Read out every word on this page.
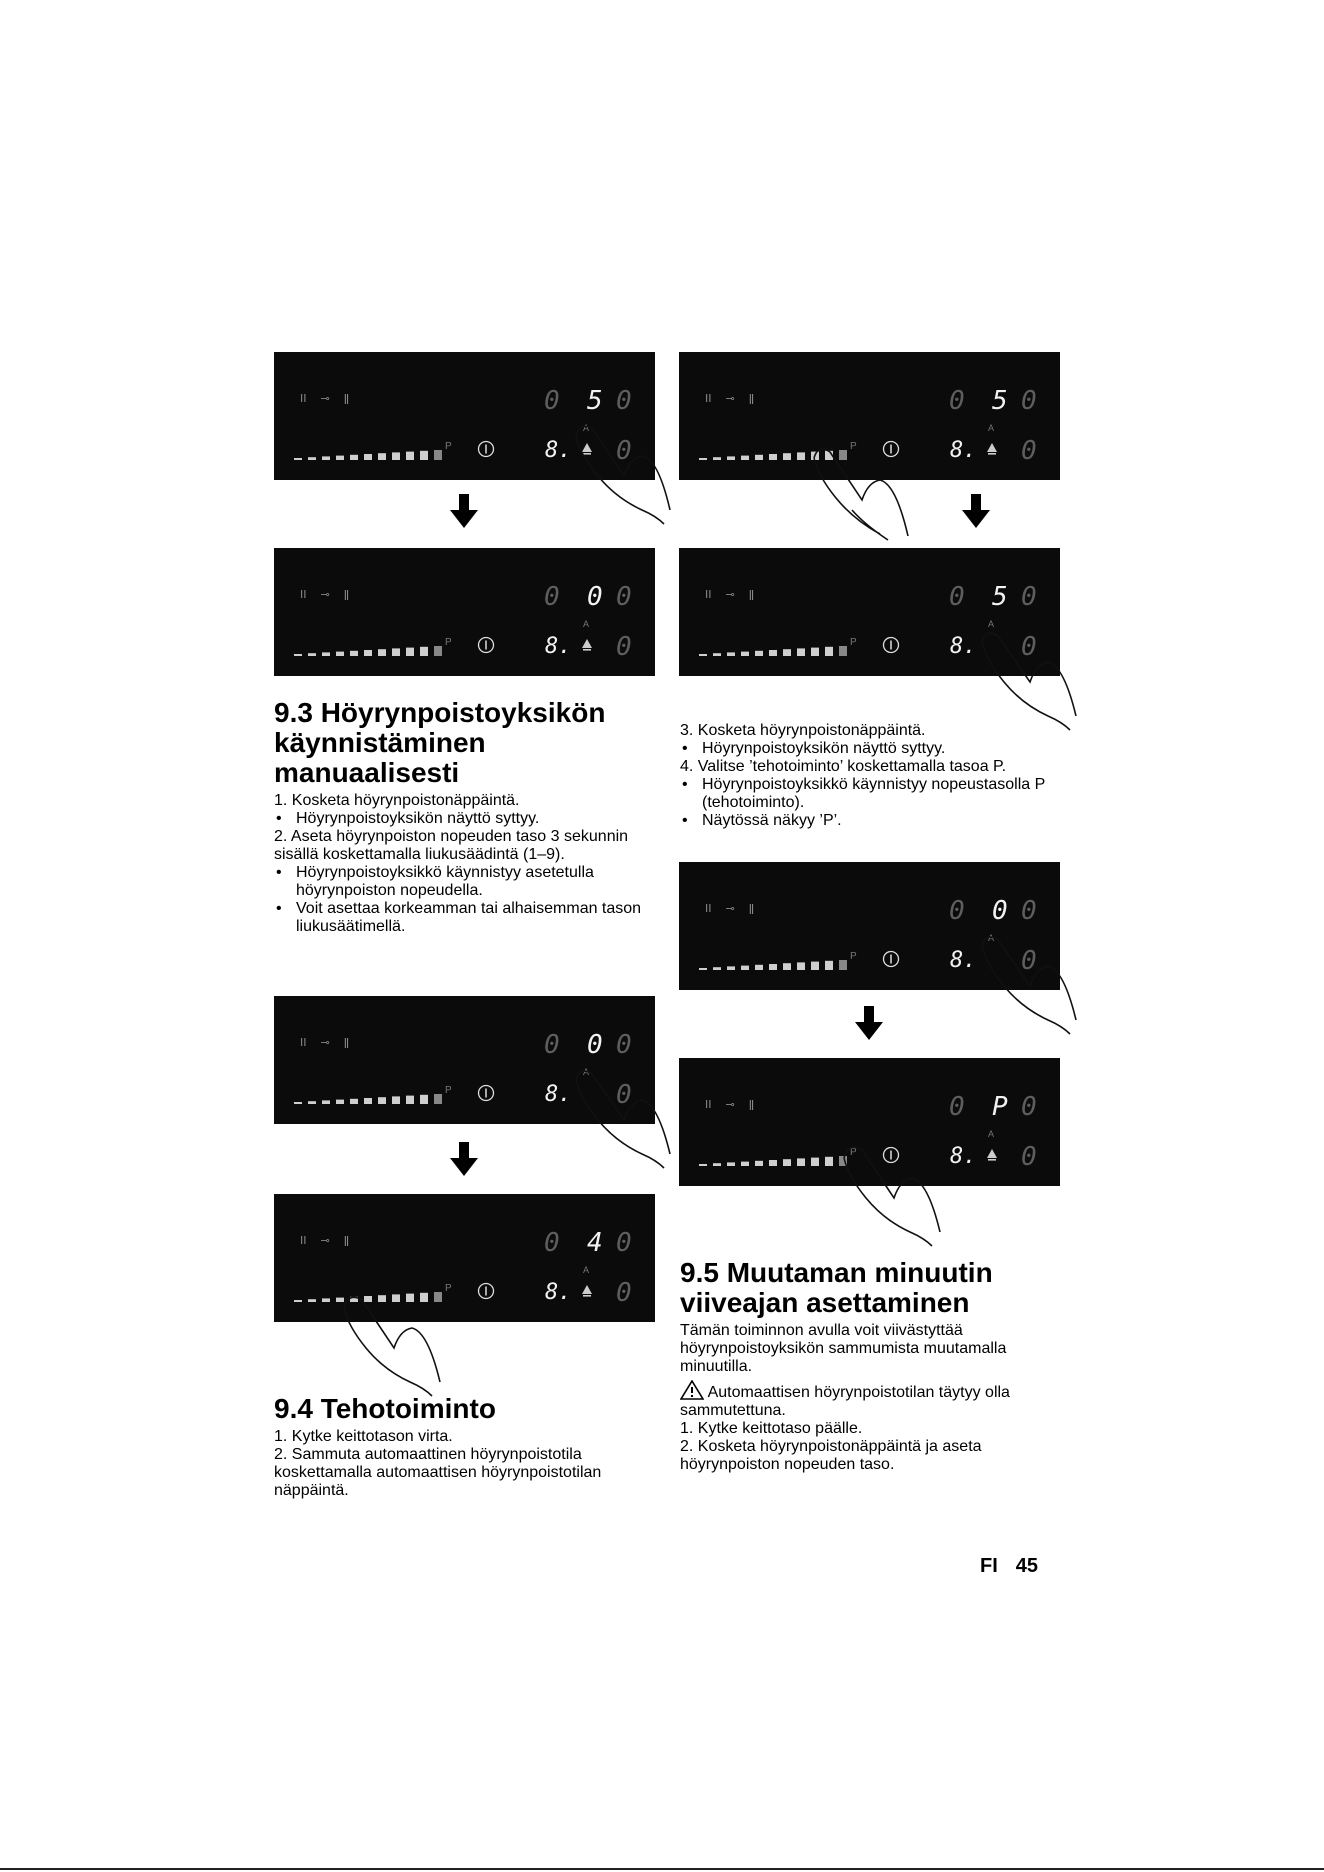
II ⊸ ǁ	0 5 0
A
P	8. 0
II ⊸ ǁ	0 0 0
A
P	8. 0
II ⊸ ǁ	0 0 0
A
P	8. 0
II ⊸ ǁ	0 4 0
A
P	8. 0
II ⊸ ǁ	0 5 0
A
P	8. 0
II ⊸ ǁ	0 5 0
A
P	8. 0
II ⊸ ǁ	0 0 0
A
P	8. 0
II ⊸ ǁ	0 P 0
A
P	8. 0
9.3 Höyrynpoistoyksikön käynnistäminen manuaalisesti

1. Kosketa höyrynpoistonäppäintä.

• Höyrynpoistoyksikön näyttö syttyy.

2. Aseta höyrynpoiston nopeuden taso 3 sekunnin sisällä koskettamalla liukusäädintä (1–9).

• Höyrynpoistoyksikkö käynnistyy asetetulla höyrynpoiston nopeudella.

• Voit asettaa korkeamman tai alhaisemman tason liukusäätimellä.

9.4 Tehotoiminto

1. Kytke keittotason virta.

2. Sammuta automaattinen höyrynpoistotila koskettamalla automaattisen höyrynpoistotilan näppäintä.

3. Kosketa höyrynpoistonäppäintä.

• Höyrynpoistoyksikön näyttö syttyy.

4. Valitse ’tehotoiminto’ koskettamalla tasoa P.

• Höyrynpoistoyksikkö käynnistyy nopeustasolla P (tehotoiminto).

• Näytössä näkyy ’P’.

9.5 Muutaman minuutin viiveajan asettaminen

Tämän toiminnon avulla voit viivästyttää höyrynpoistoyksikön sammumista muutamalla minuutilla.

Automaattisen höyrynpoistotilan täytyy olla sammutettuna.

1. Kytke keittotaso päälle.

2. Kosketa höyrynpoistonäppäintä ja aseta höyrynpoiston nopeuden taso.

FI 45
